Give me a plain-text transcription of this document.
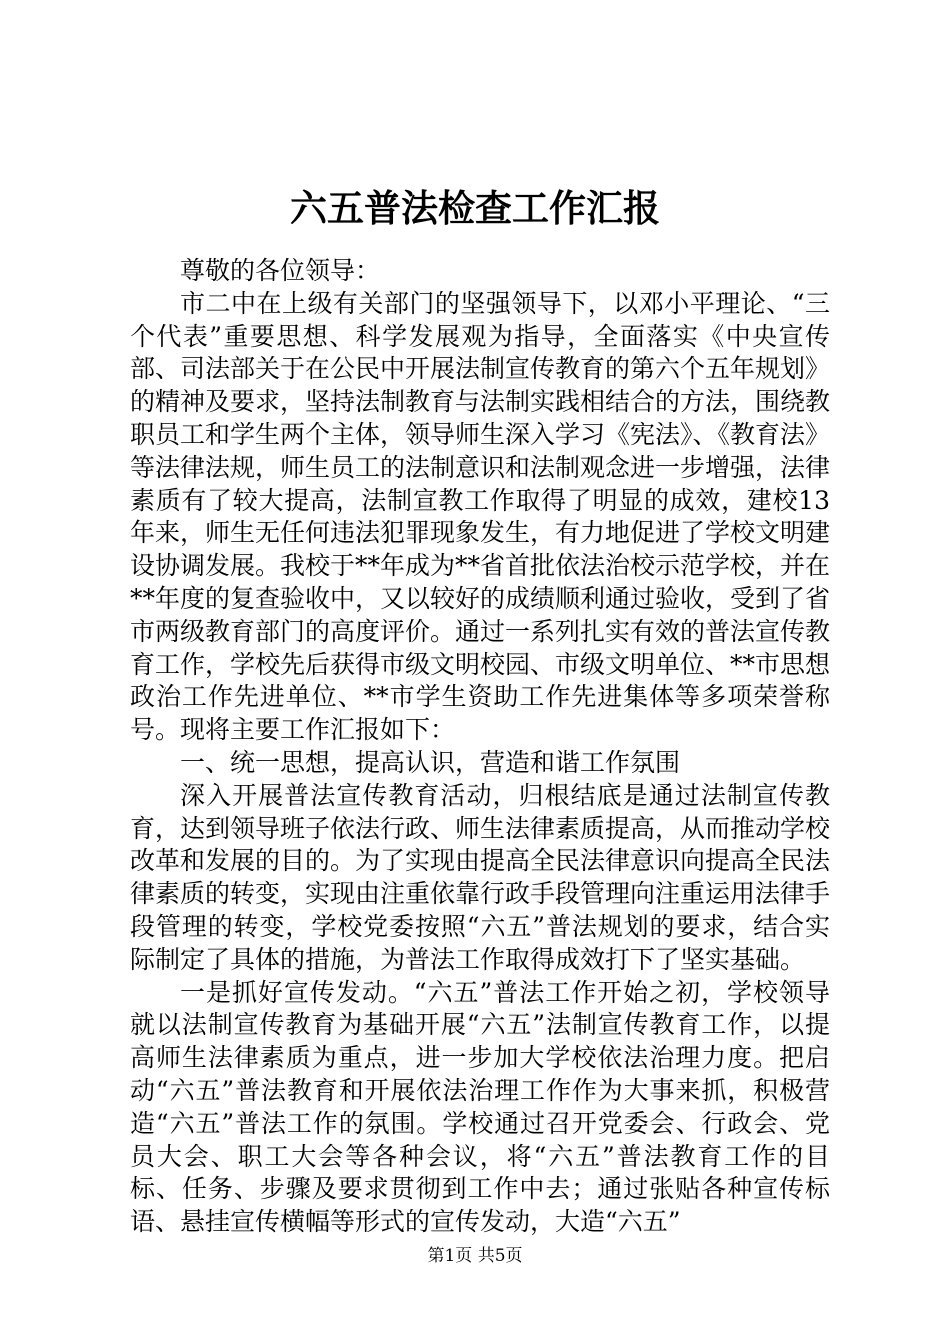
六五普法检查工作汇报

尊敬的各位领导：

市二中在上级有关部门的坚强领导下，以邓小平理论、“三个代表”重要思想、科学发展观为指导，全面落实《中央宣传部、司法部关于在公民中开展法制宣传教育的第六个五年规划》的精神及要求，坚持法制教育与法制实践相结合的方法，围绕教职员工和学生两个主体，领导师生深入学习《宪法》、《教育法》等法律法规，师生员工的法制意识和法制观念进一步增强，法律素质有了较大提高，法制宣教工作取得了明显的成效，建校13年来，师生无任何违法犯罪现象发生，有力地促进了学校文明建设协调发展。我校于**年成为**省首批依法治校示范学校，并在**年度的复查验收中，又以较好的成绩顺利通过验收，受到了省市两级教育部门的高度评价。通过一系列扎实有效的普法宣传教育工作，学校先后获得市级文明校园、市级文明单位、**市思想政治工作先进单位、**市学生资助工作先进集体等多项荣誉称号。现将主要工作汇报如下：

一、统一思想，提高认识，营造和谐工作氛围

深入开展普法宣传教育活动，归根结底是通过法制宣传教育，达到领导班子依法行政、师生法律素质提高，从而推动学校改革和发展的目的。为了实现由提高全民法律意识向提高全民法律素质的转变，实现由注重依靠行政手段管理向注重运用法律手段管理的转变，学校党委按照“六五”普法规划的要求，结合实际制定了具体的措施，为普法工作取得成效打下了坚实基础。

一是抓好宣传发动。“六五”普法工作开始之初，学校领导就以法制宣传教育为基础开展“六五”法制宣传教育工作，以提高师生法律素质为重点，进一步加大学校依法治理力度。把启动“六五”普法教育和开展依法治理工作作为大事来抓，积极营造“六五”普法工作的氛围。学校通过召开党委会、行政会、党员大会、职工大会等各种会议，将“六五”普法教育工作的目标、任务、步骤及要求贯彻到工作中去；通过张贴各种宣传标语、悬挂宣传横幅等形式的宣传发动，大造“六五”

第1页 共5页
